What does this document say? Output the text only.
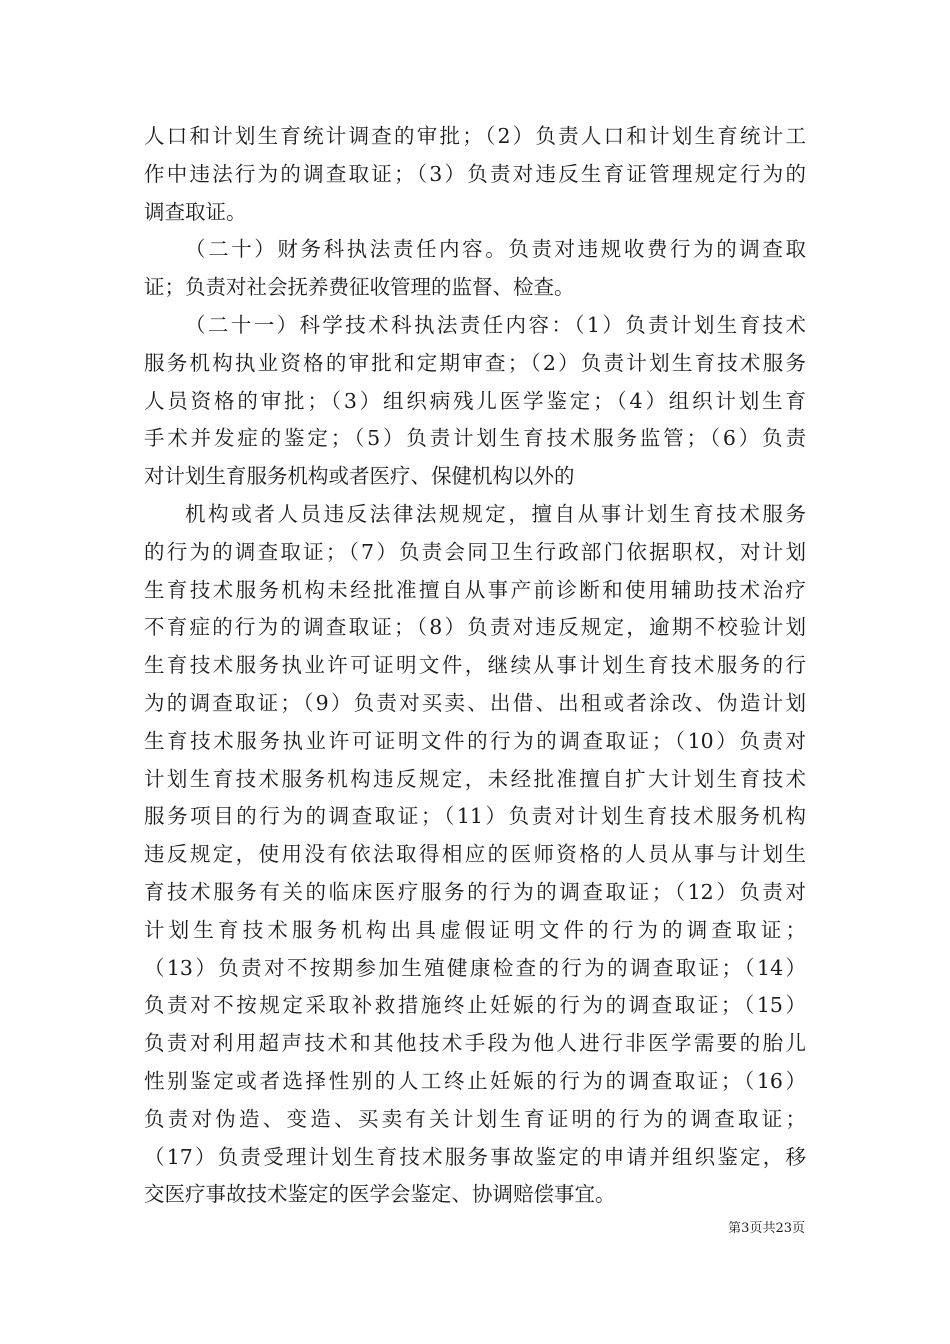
人口和计划生育统计调查的审批；（2）负责人口和计划生育统计工
作中违法行为的调查取证；（3）负责对违反生育证管理规定行为的
调查取证。
（二十）财务科执法责任内容。负责对违规收费行为的调查取
证；负责对社会抚养费征收管理的监督、检查。
（二十一）科学技术科执法责任内容：（1）负责计划生育技术
服务机构执业资格的审批和定期审查；（2）负责计划生育技术服务
人员资格的审批；（3）组织病残儿医学鉴定；（4）组织计划生育
手术并发症的鉴定；（5）负责计划生育技术服务监管；（6）负责
对计划生育服务机构或者医疗、保健机构以外的
机构或者人员违反法律法规规定，擅自从事计划生育技术服务
的行为的调查取证；（7）负责会同卫生行政部门依据职权，对计划
生育技术服务机构未经批准擅自从事产前诊断和使用辅助技术治疗
不育症的行为的调查取证；（8）负责对违反规定，逾期不校验计划
生育技术服务执业许可证明文件，继续从事计划生育技术服务的行
为的调查取证；（9）负责对买卖、出借、出租或者涂改、伪造计划
生育技术服务执业许可证明文件的行为的调查取证；（10）负责对
计划生育技术服务机构违反规定，未经批准擅自扩大计划生育技术
服务项目的行为的调查取证；（11）负责对计划生育技术服务机构
违反规定，使用没有依法取得相应的医师资格的人员从事与计划生
育技术服务有关的临床医疗服务的行为的调查取证；（12）负责对
计划生育技术服务机构出具虚假证明文件的行为的调查取证；
（13）负责对不按期参加生殖健康检查的行为的调查取证；（14）
负责对不按规定采取补救措施终止妊娠的行为的调查取证；（15）
负责对利用超声技术和其他技术手段为他人进行非医学需要的胎儿
性别鉴定或者选择性别的人工终止妊娠的行为的调查取证；（16）
负责对伪造、变造、买卖有关计划生育证明的行为的调查取证；
（17）负责受理计划生育技术服务事故鉴定的申请并组织鉴定，移
交医疗事故技术鉴定的医学会鉴定、协调赔偿事宜。
第3页共23页
